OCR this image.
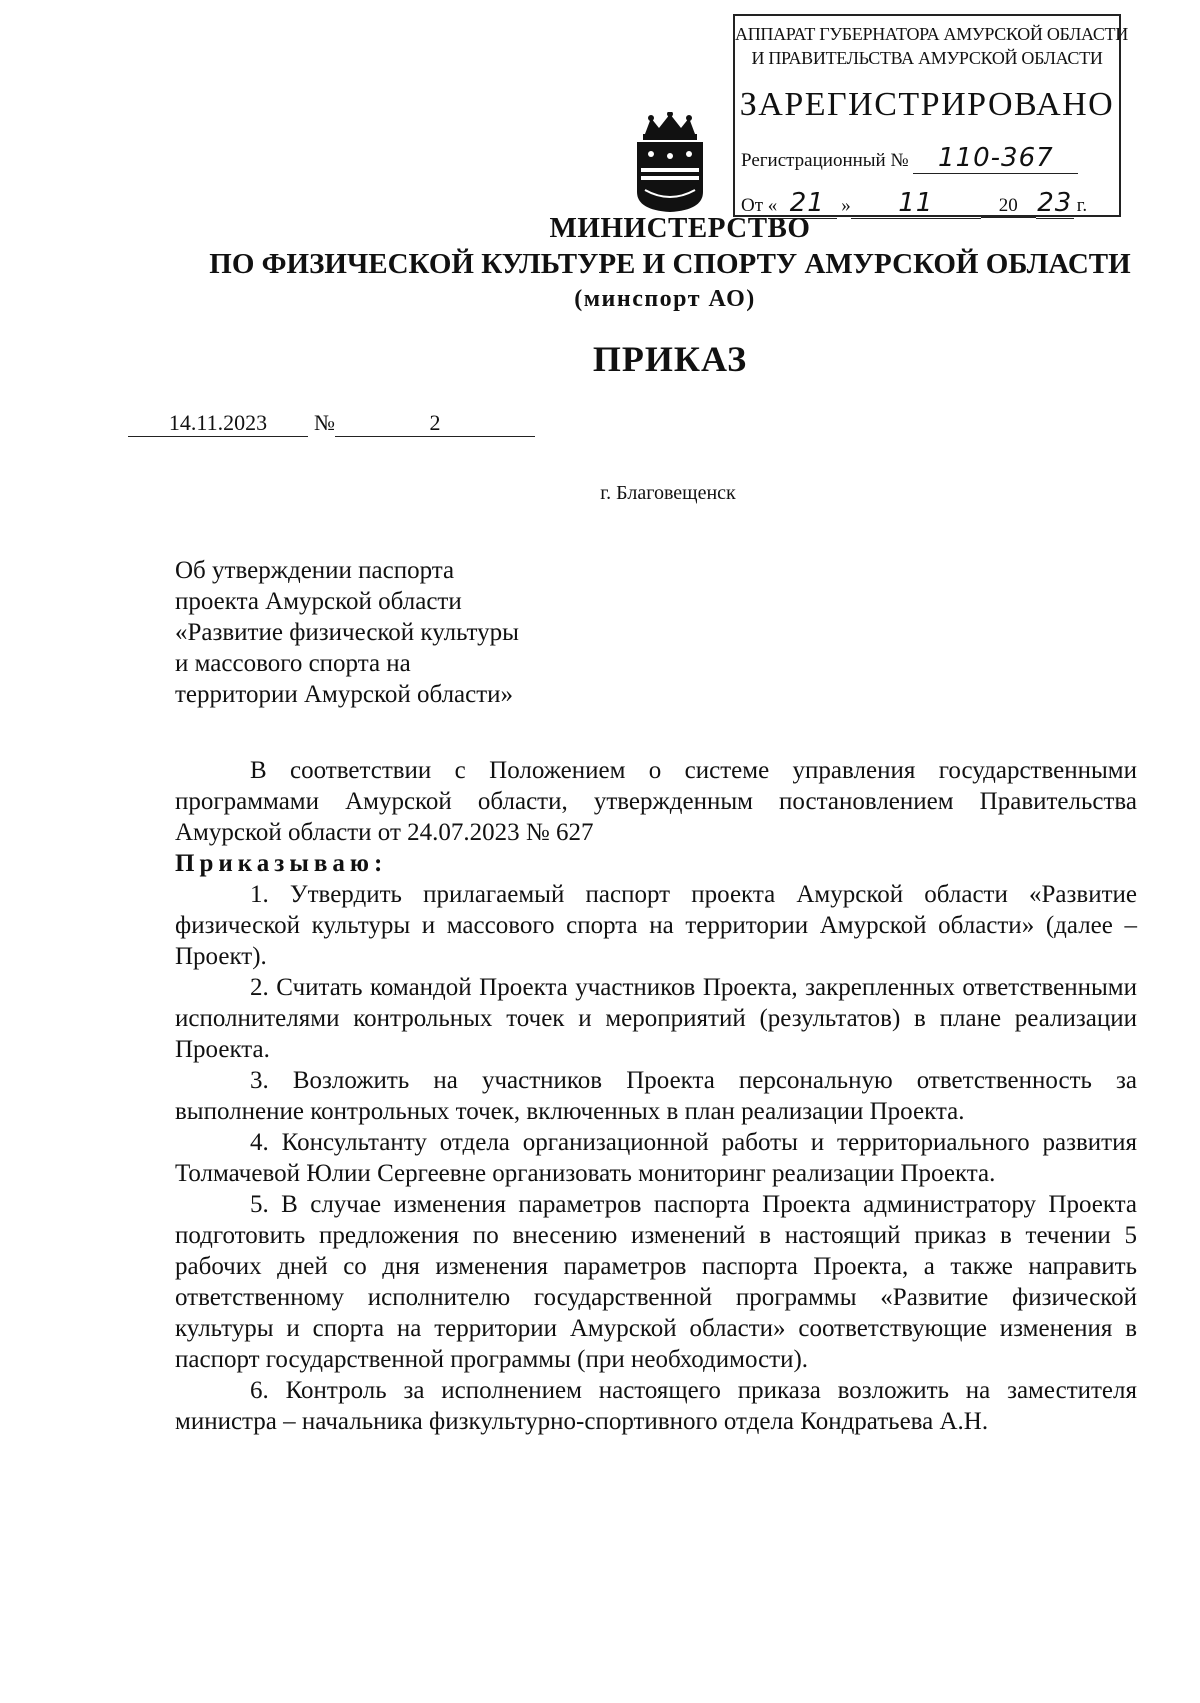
АППАРАТ ГУБЕРНАТОРА АМУРСКОЙ ОБЛАСТИ
И ПРАВИТЕЛЬСТВА АМУРСКОЙ ОБЛАСТИ
ЗАРЕГИСТРИРОВАНО
Регистрационный № 110-367
От « 21 » 11	20 23 г.
МИНИСТЕРСТВО
ПО ФИЗИЧЕСКОЙ КУЛЬТУРЕ И СПОРТУ АМУРСКОЙ ОБЛАСТИ
(минспорт АО)
ПРИКАЗ
14.11.2023 №	2
г. Благовещенск
Об утверждении паспорта
проекта Амурской области
«Развитие физической культуры
и массового спорта на
территории Амурской области»

В соответствии с Положением о системе управления государственными программами Амурской области, утвержденным постановлением Правительства Амурской области от 24.07.2023 № 627

Приказываю:

1. Утвердить прилагаемый паспорт проекта Амурской области «Развитие физической культуры и массового спорта на территории Амурской области» (далее – Проект).

2. Считать командой Проекта участников Проекта, закрепленных ответственными исполнителями контрольных точек и мероприятий (результатов) в плане реализации Проекта.

3. Возложить на участников Проекта персональную ответственность за выполнение контрольных точек, включенных в план реализации Проекта.

4. Консультанту отдела организационной работы и территориального развития Толмачевой Юлии Сергеевне организовать мониторинг реализации Проекта.

5. В случае изменения параметров паспорта Проекта администратору Проекта подготовить предложения по внесению изменений в настоящий приказ в течении 5 рабочих дней со дня изменения параметров паспорта Проекта, а также направить ответственному исполнителю государственной программы «Развитие физической культуры и спорта на территории Амурской области» соответствующие изменения в паспорт государственной программы (при необходимости).

6. Контроль за исполнением настоящего приказа возложить на заместителя министра – начальника физкультурно-спортивного отдела Кондратьева А.Н.
